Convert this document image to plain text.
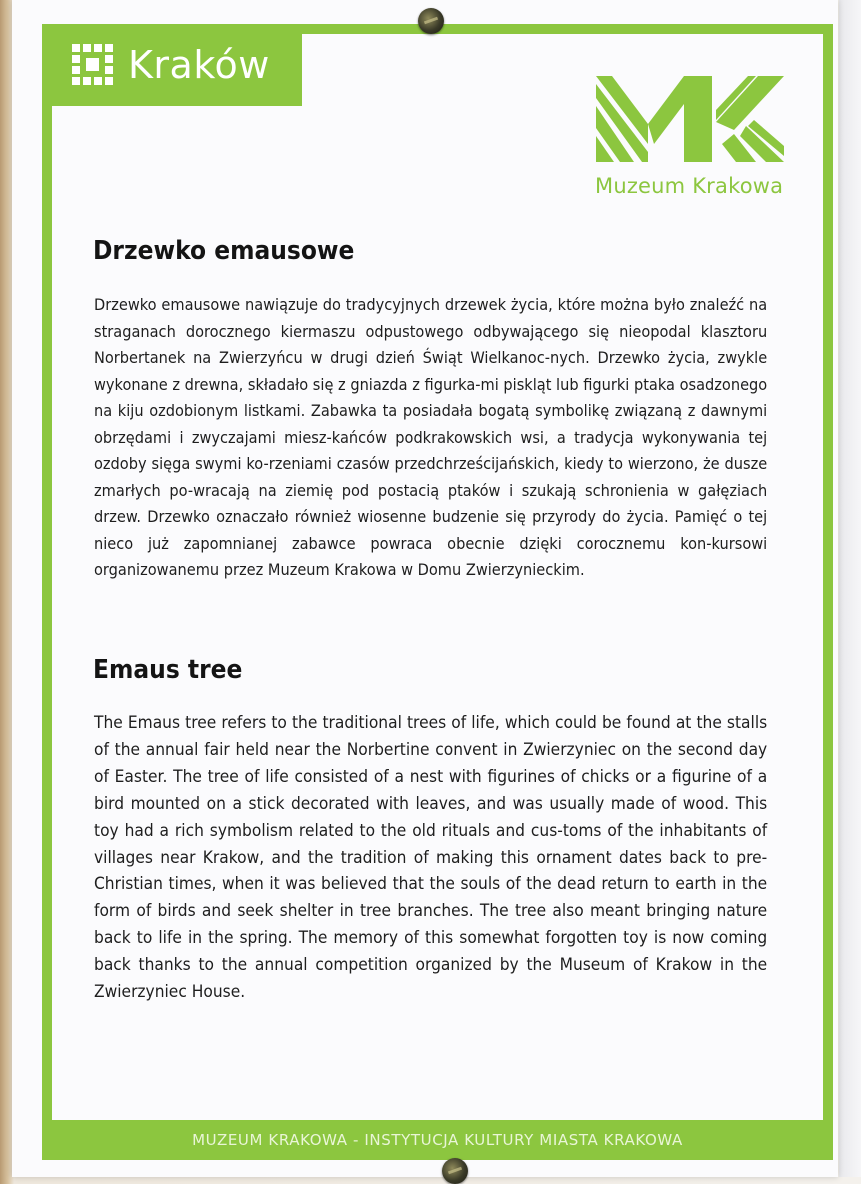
Kraków
Muzeum Krakowa
Drzewko emausowe
Drzewko emausowe nawiązuje do tradycyjnych drzewek życia, które można było znaleźć na straganach dorocznego kiermaszu odpustowego odbywającego się nieopodal klasztoru Norbertanek na Zwierzyńcu w drugi dzień Świąt Wielkanoc-nych. Drzewko życia, zwykle wykonane z drewna, składało się z gniazda z figurka-mi piskląt lub figurki ptaka osadzonego na kiju ozdobionym listkami. Zabawka ta posiadała bogatą symbolikę związaną z dawnymi obrzędami i zwyczajami miesz-kańców podkrakowskich wsi, a tradycja wykonywania tej ozdoby sięga swymi ko-rzeniami czasów przedchrześcijańskich, kiedy to wierzono, że dusze zmarłych po-wracają na ziemię pod postacią ptaków i szukają schronienia w gałęziach drzew. Drzewko oznaczało również wiosenne budzenie się przyrody do życia. Pamięć o tej nieco już zapomnianej zabawce powraca obecnie dzięki corocznemu kon-kursowi organizowanemu przez Muzeum Krakowa w Domu Zwierzynieckim.
Emaus tree
The Emaus tree refers to the traditional trees of life, which could be found at the stalls of the annual fair held near the Norbertine convent in Zwierzyniec on the second day of Easter. The tree of life consisted of a nest with figurines of chicks or a figurine of a bird mounted on a stick decorated with leaves, and was usually made of wood. This toy had a rich symbolism related to the old rituals and cus-toms of the inhabitants of villages near Krakow, and the tradition of making this ornament dates back to pre-Christian times, when it was believed that the souls of the dead return to earth in the form of birds and seek shelter in tree branches. The tree also meant bringing nature back to life in the spring. The memory of this somewhat forgotten toy is now coming back thanks to the annual competition organized by the Museum of Krakow in the Zwierzyniec House.
MUZEUM KRAKOWA - INSTYTUCJA KULTURY MIASTA KRAKOWA
